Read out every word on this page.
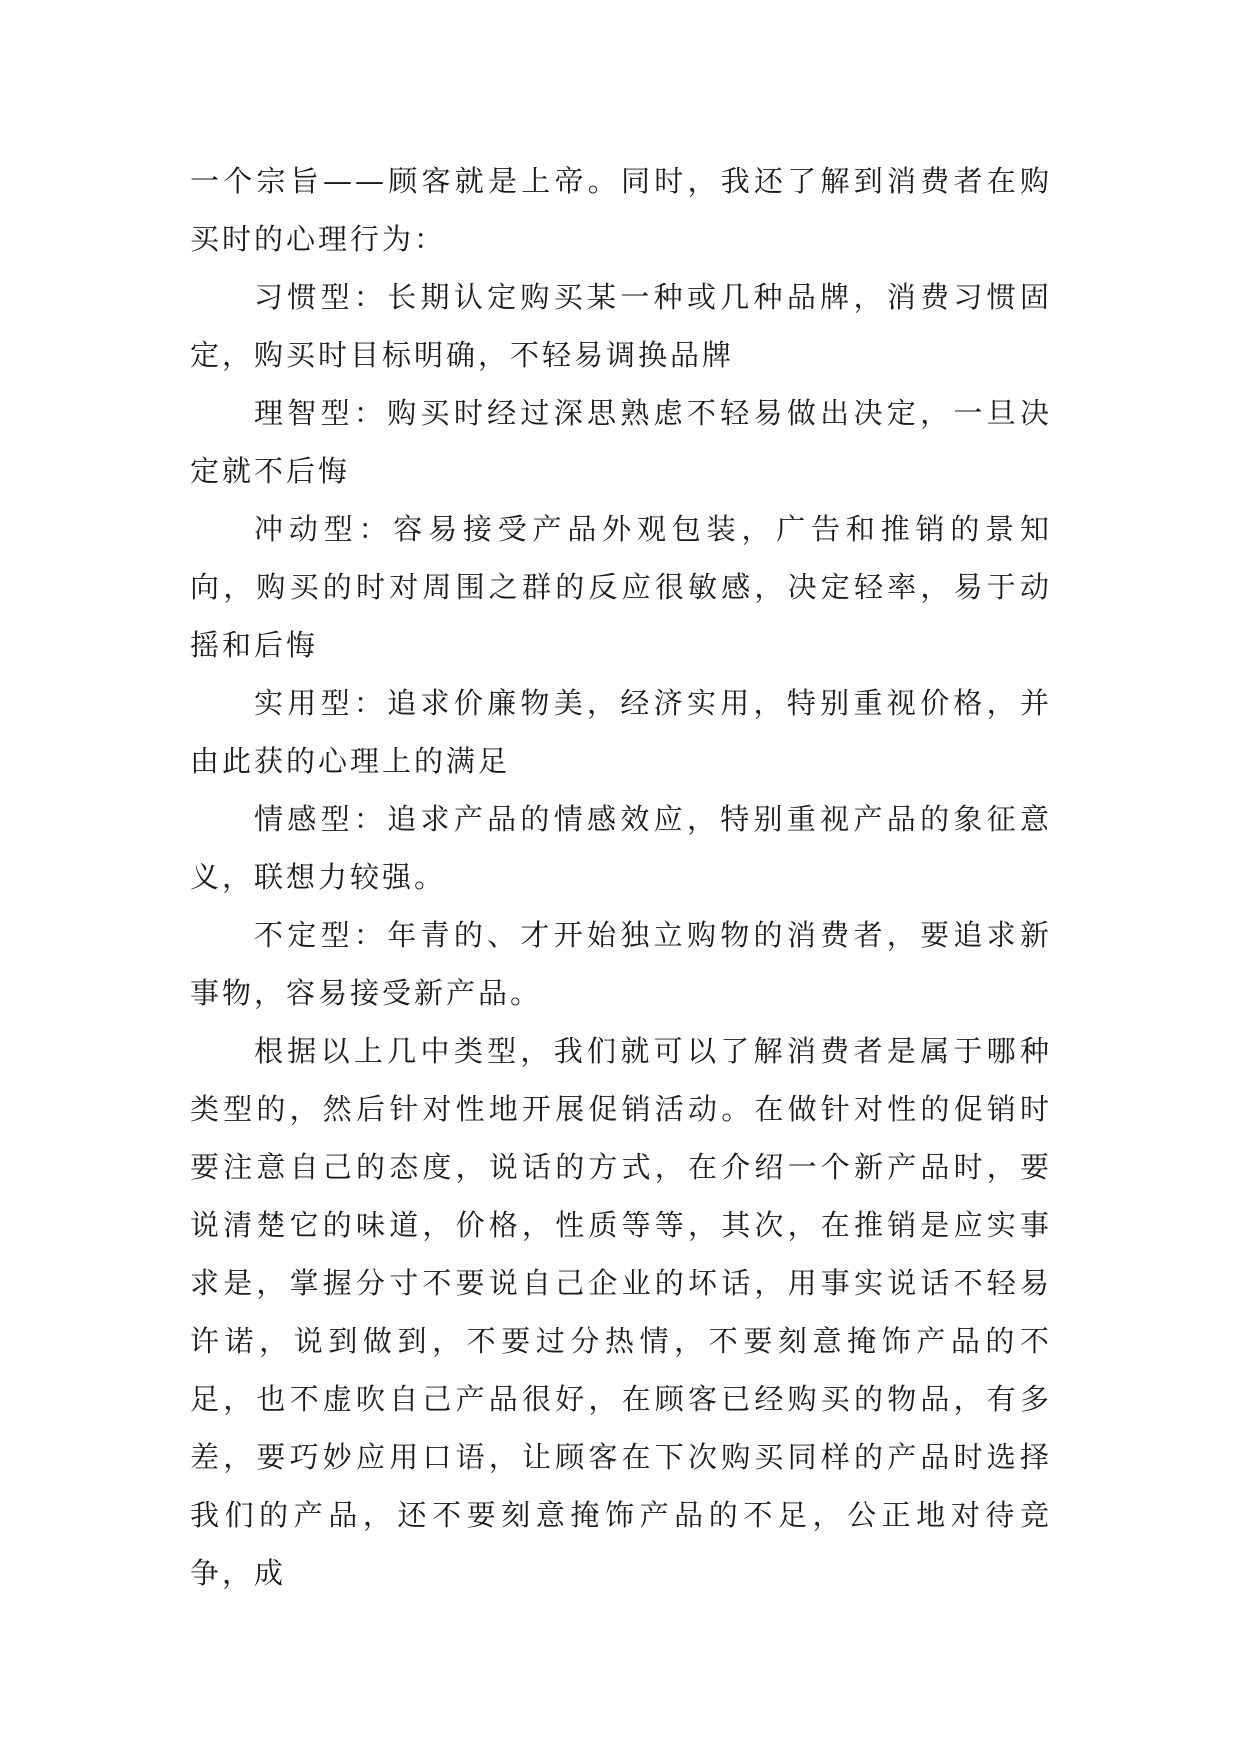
一个宗旨——顾客就是上帝。同时，我还了解到消费者在购买时的心理行为：

习惯型：长期认定购买某一种或几种品牌，消费习惯固定，购买时目标明确，不轻易调换品牌

理智型：购买时经过深思熟虑不轻易做出决定，一旦决定就不后悔

冲动型：容易接受产品外观包装，广告和推销的景知向，购买的时对周围之群的反应很敏感，决定轻率，易于动摇和后悔

实用型：追求价廉物美，经济实用，特别重视价格，并由此获的心理上的满足

情感型：追求产品的情感效应，特别重视产品的象征意义，联想力较强。

不定型：年青的、才开始独立购物的消费者，要追求新事物，容易接受新产品。

根据以上几中类型，我们就可以了解消费者是属于哪种类型的，然后针对性地开展促销活动。在做针对性的促销时要注意自己的态度，说话的方式，在介绍一个新产品时，要说清楚它的味道，价格，性质等等，其次，在推销是应实事求是，掌握分寸不要说自己企业的坏话，用事实说话不轻易许诺，说到做到，不要过分热情，不要刻意掩饰产品的不足，也不虚吹自己产品很好，在顾客已经购买的物品，有多差，要巧妙应用口语，让顾客在下次购买同样的产品时选择我们的产品，还不要刻意掩饰产品的不足，公正地对待竞争，成
